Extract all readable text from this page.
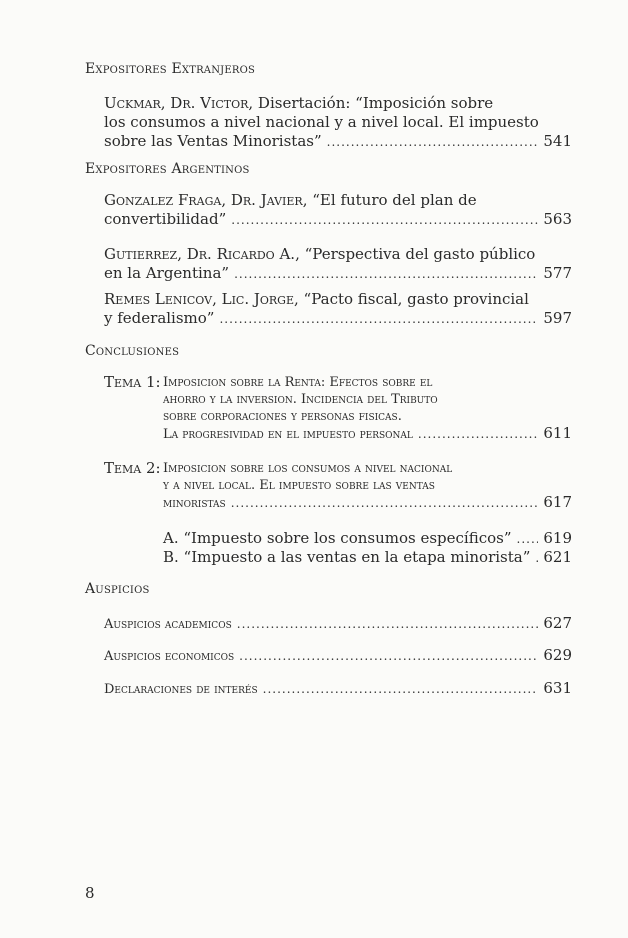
Expositores Extranjeros
Uckmar, Dr. Victor, Disertación: “Imposición sobre
los consumos a nivel nacional y a nivel local. El impuesto
sobre las Ventas Minoristas” .....	541
Expositores Argentinos
Gonzalez Fraga, Dr. Javier, “El futuro del plan de
convertibilidad” .....	563
Gutierrez, Dr. Ricardo A., “Perspectiva del gasto público
en la Argentina” .....	577
Remes Lenicov, Lic. Jorge, “Pacto fiscal, gasto provincial
y federalismo” .....	597
Conclusiones
Tema 1: Imposicion sobre la Renta: Efectos sobre el
ahorro y la inversion. Incidencia del Tributo
sobre corporaciones y personas fisicas.
La progresividad en el impuesto personal .....	611
Tema 2: Imposicion sobre los consumos a nivel nacional
y a nivel local. El impuesto sobre las ventas
minoristas .....	617
A. “Impuesto sobre los consumos específicos” ..... 619
B. “Impuesto a las ventas en la etapa minorista” ..... 621
Auspicios
Auspicios academicos .....	627
Auspicios economicos .....	629
Declaraciones de interés .....	631
8
